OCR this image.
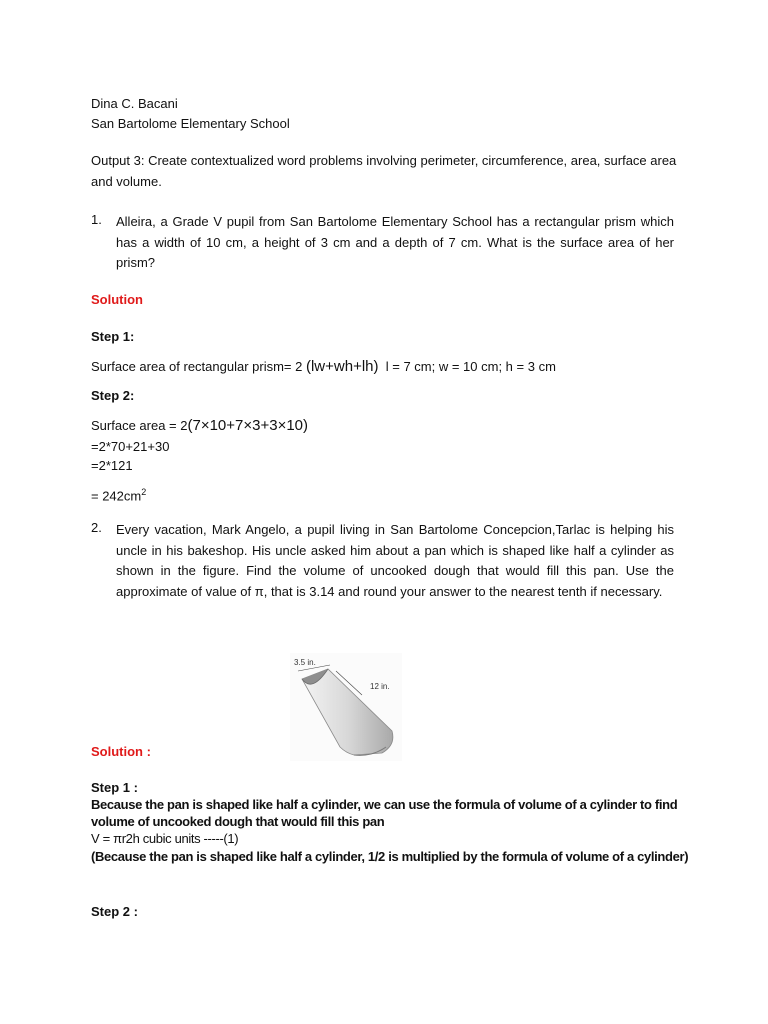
Dina C. Bacani
San Bartolome Elementary School
Output 3: Create contextualized word problems involving perimeter, circumference, area, surface area and volume.
1. Alleira, a Grade V pupil from San Bartolome Elementary School has a rectangular prism which has a width of 10 cm, a height of 3 cm and a depth of 7 cm. What is the surface area of her prism?
Solution
Step 1:
Surface area of rectangular prism= 2 (lw+wh+lh) l = 7 cm; w = 10 cm; h = 3 cm
Step 2:
Surface area = 2(7×10+7×3+3×10)
=2*70+21+30
=2*121
= $242cm^2$
2. Every vacation, Mark Angelo, a pupil living in San Bartolome Concepcion,Tarlac is helping his uncle in his bakeshop. His uncle asked him about a pan which is shaped like half a cylinder as shown in the figure. Find the volume of uncooked dough that would fill this pan. Use the approximate of value of π, that is 3.14 and round your answer to the nearest tenth if necessary.
3.5 in.
12 in.
Solution :
Step 1 :
Because the pan is shaped like half a cylinder, we can use the formula of volume of a cylinder to find volume of uncooked dough that would fill this pan
V = πr2h cubic units -----(1)
(Because the pan is shaped like half a cylinder, 1/2 is multiplied by the formula of volume of a cylinder)
Step 2 :
